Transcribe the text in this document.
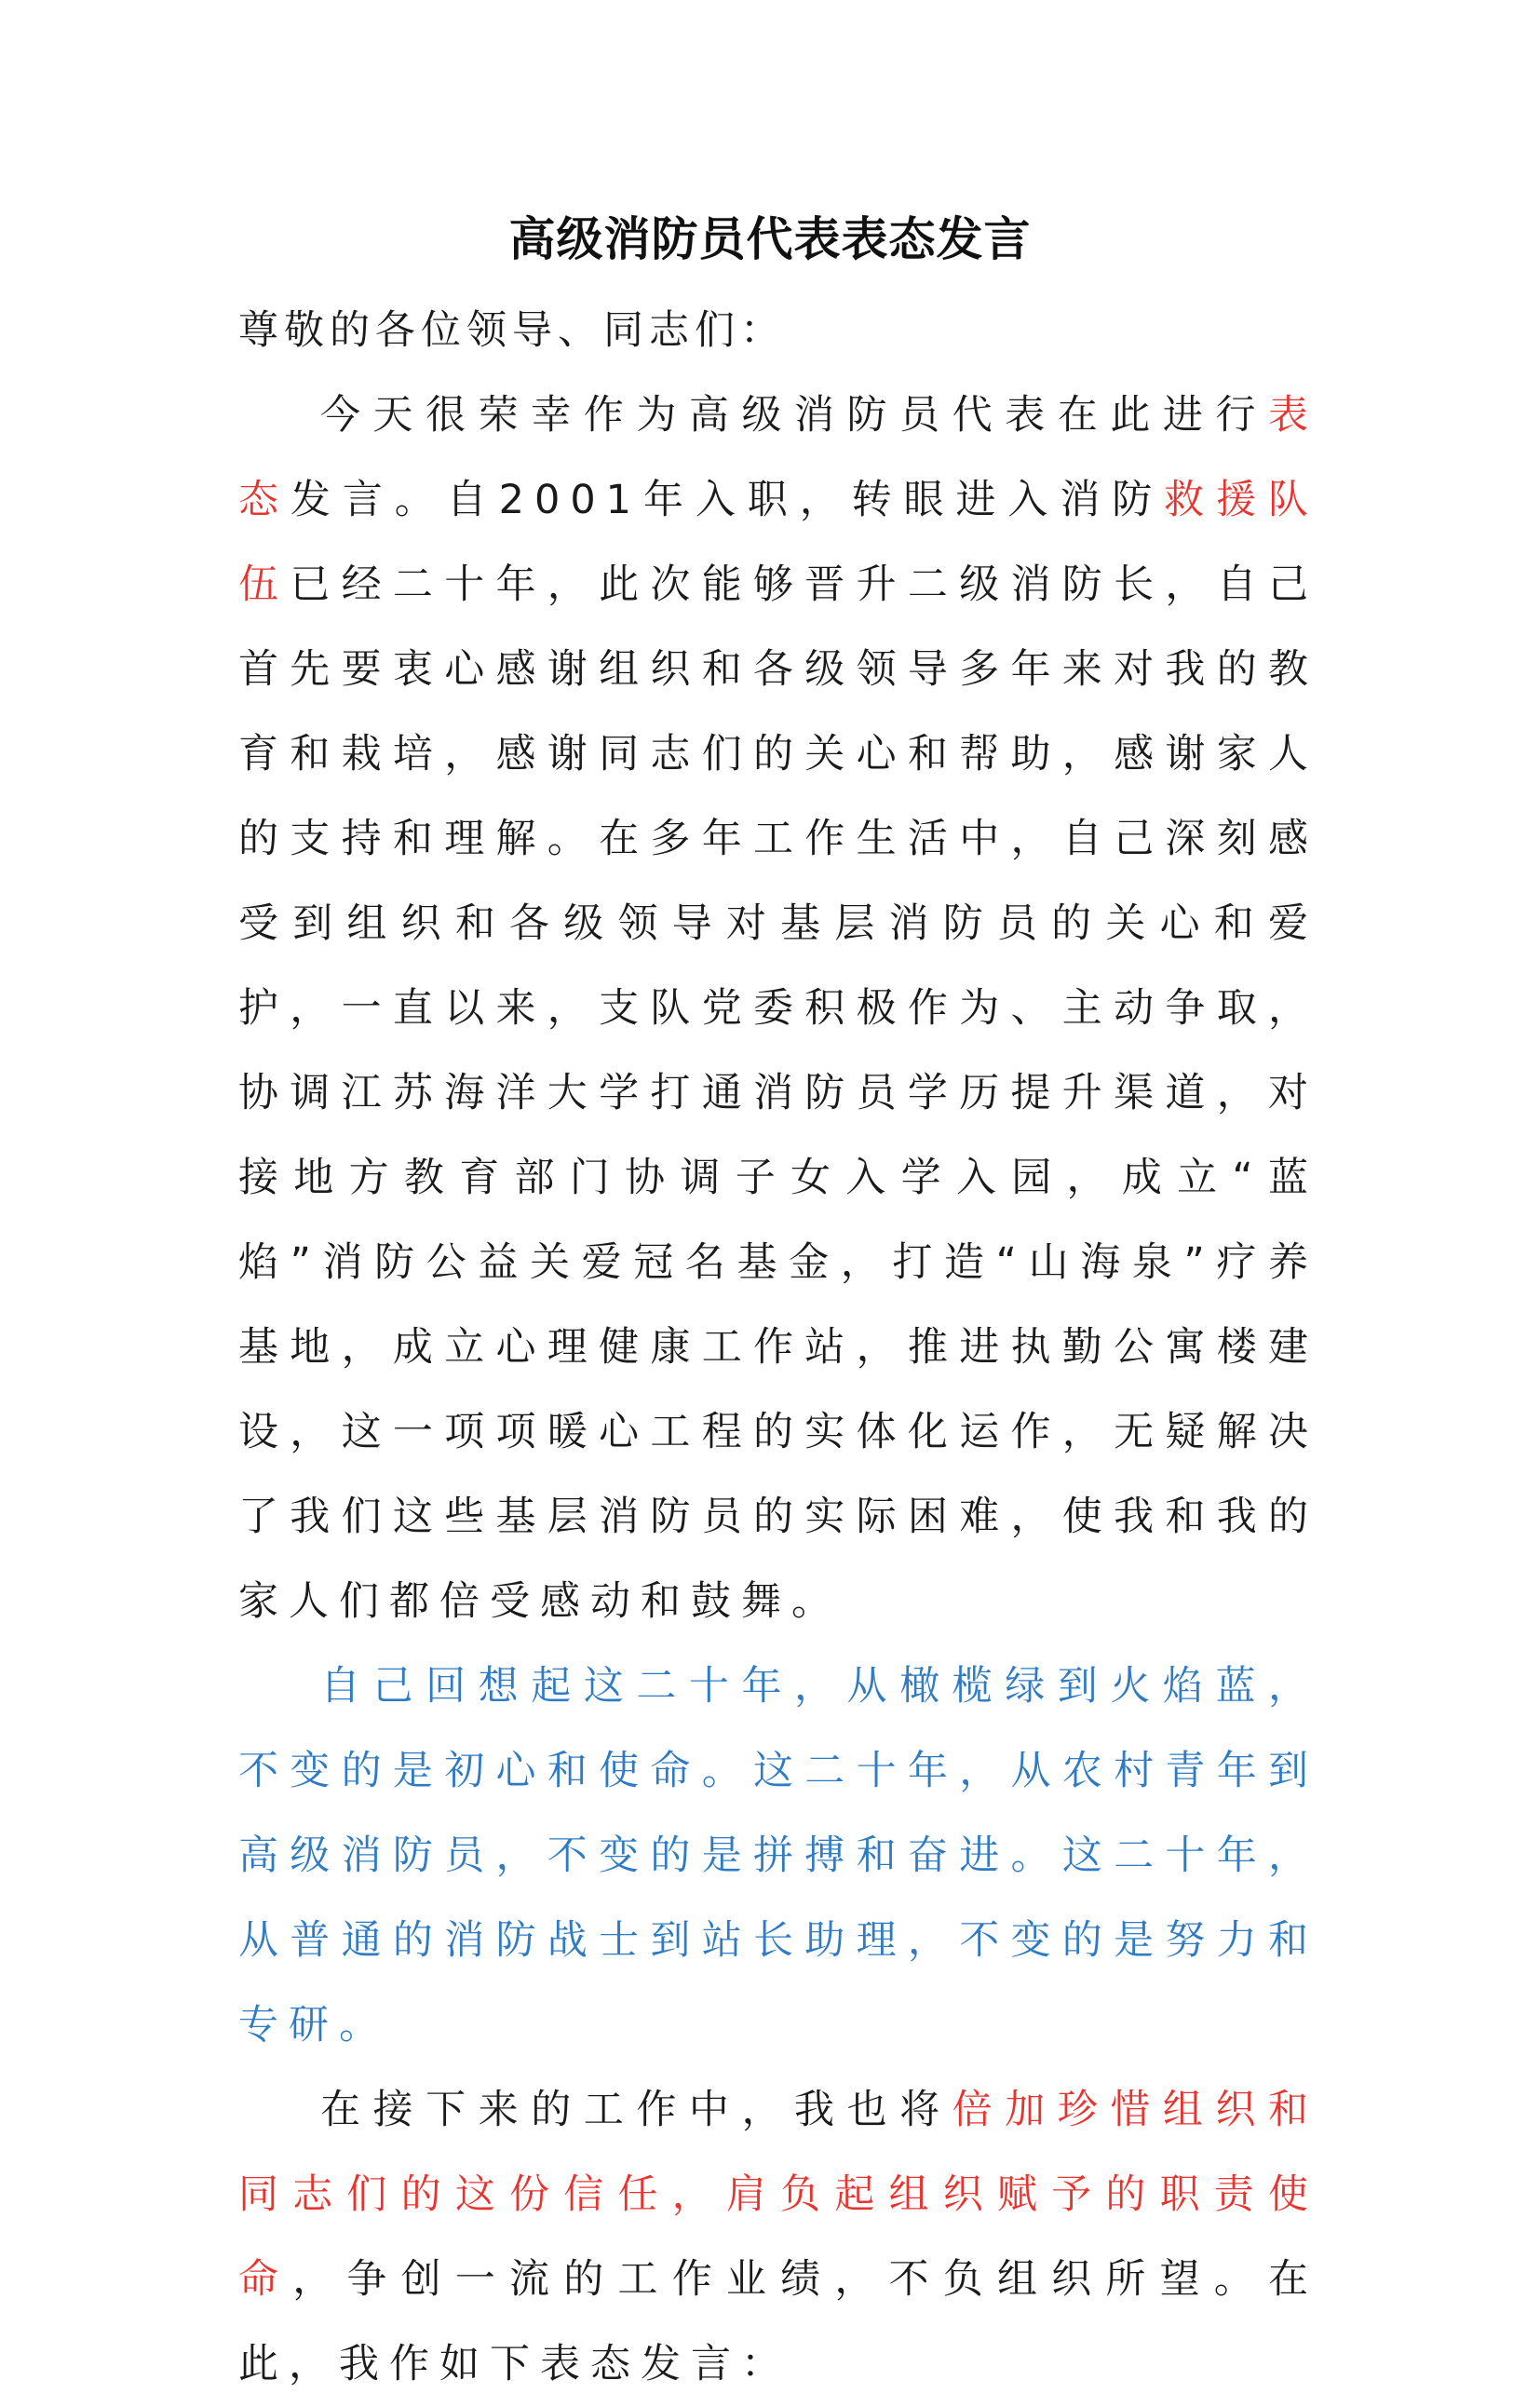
高级消防员代表表态发言

尊敬的各位领导、同志们：

今天很荣幸作为高级消防员代表在此进行表态发言。自2001年入职，转眼进入消防救援队伍已经二十年，此次能够晋升二级消防长，自己首先要衷心感谢组织和各级领导多年来对我的教育和栽培，感谢同志们的关心和帮助，感谢家人的支持和理解。在多年工作生活中，自己深刻感受到组织和各级领导对基层消防员的关心和爱护，一直以来，支队党委积极作为、主动争取，协调江苏海洋大学打通消防员学历提升渠道，对接地方教育部门协调子女入学入园，成立“蓝焰”消防公益关爱冠名基金，打造“山海泉”疗养基地，成立心理健康工作站，推进执勤公寓楼建设，这一项项暖心工程的实体化运作，无疑解决了我们这些基层消防员的实际困难，使我和我的家人们都倍受感动和鼓舞。

自己回想起这二十年，从橄榄绿到火焰蓝，不变的是初心和使命。这二十年，从农村青年到高级消防员，不变的是拼搏和奋进。这二十年，从普通的消防战士到站长助理，不变的是努力和专研。

在接下来的工作中，我也将倍加珍惜组织和同志们的这份信任，肩负起组织赋予的职责使命，争创一流的工作业绩，不负组织所望。在此，我作如下表态发言：
